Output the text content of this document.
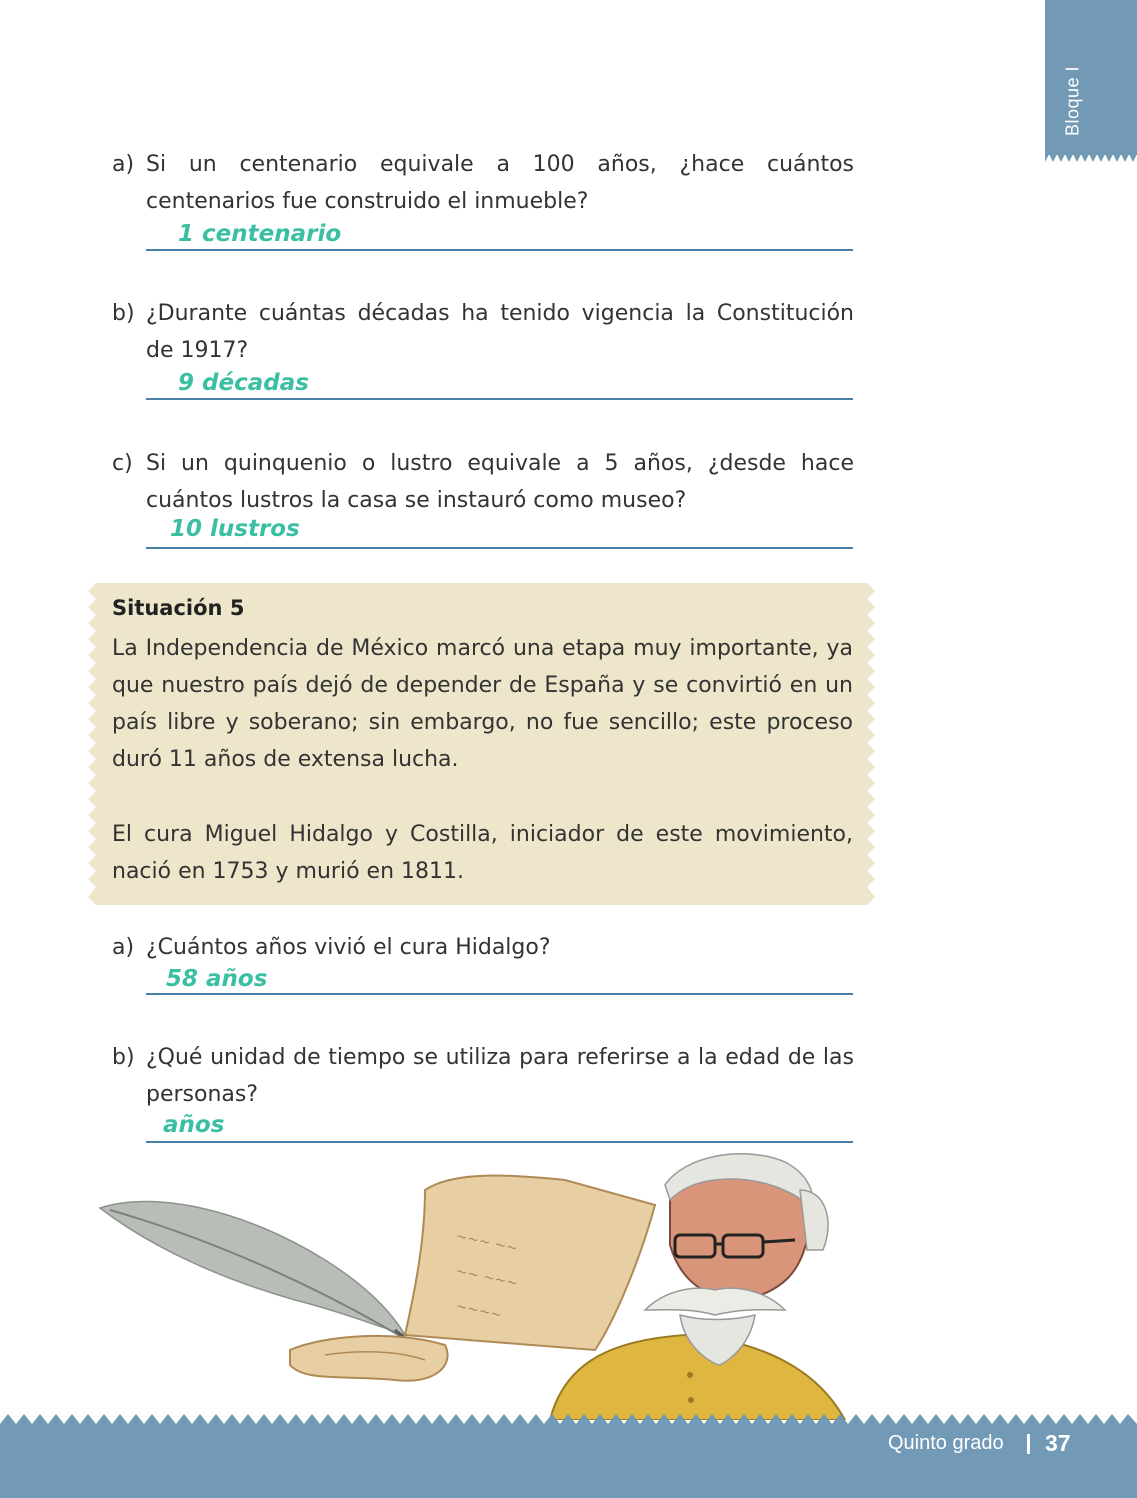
Bloque I
a) Si un centenario equivale a 100 años, ¿hace cuántos centenarios fue construido el inmueble?
1 centenario
b) ¿Durante cuántas décadas ha tenido vigencia la Constitución de 1917?
9 décadas
c) Si un quinquenio o lustro equivale a 5 años, ¿desde hace cuántos lustros la casa se instauró como museo?
10 lustros
Situación 5
La Independencia de México marcó una etapa muy importante, ya que nuestro país dejó de depender de España y se convirtió en un país libre y soberano; sin embargo, no fue sencillo; este proceso duró 11 años de extensa lucha.
El cura Miguel Hidalgo y Costilla, iniciador de este movimiento, nació en 1753 y murió en 1811.
a) ¿Cuántos años vivió el cura Hidalgo?
58 años
b) ¿Qué unidad de tiempo se utiliza para referirse a la edad de las personas?
años
~~~ ~~
~~ ~~~
~~~~
Quinto grado 37
